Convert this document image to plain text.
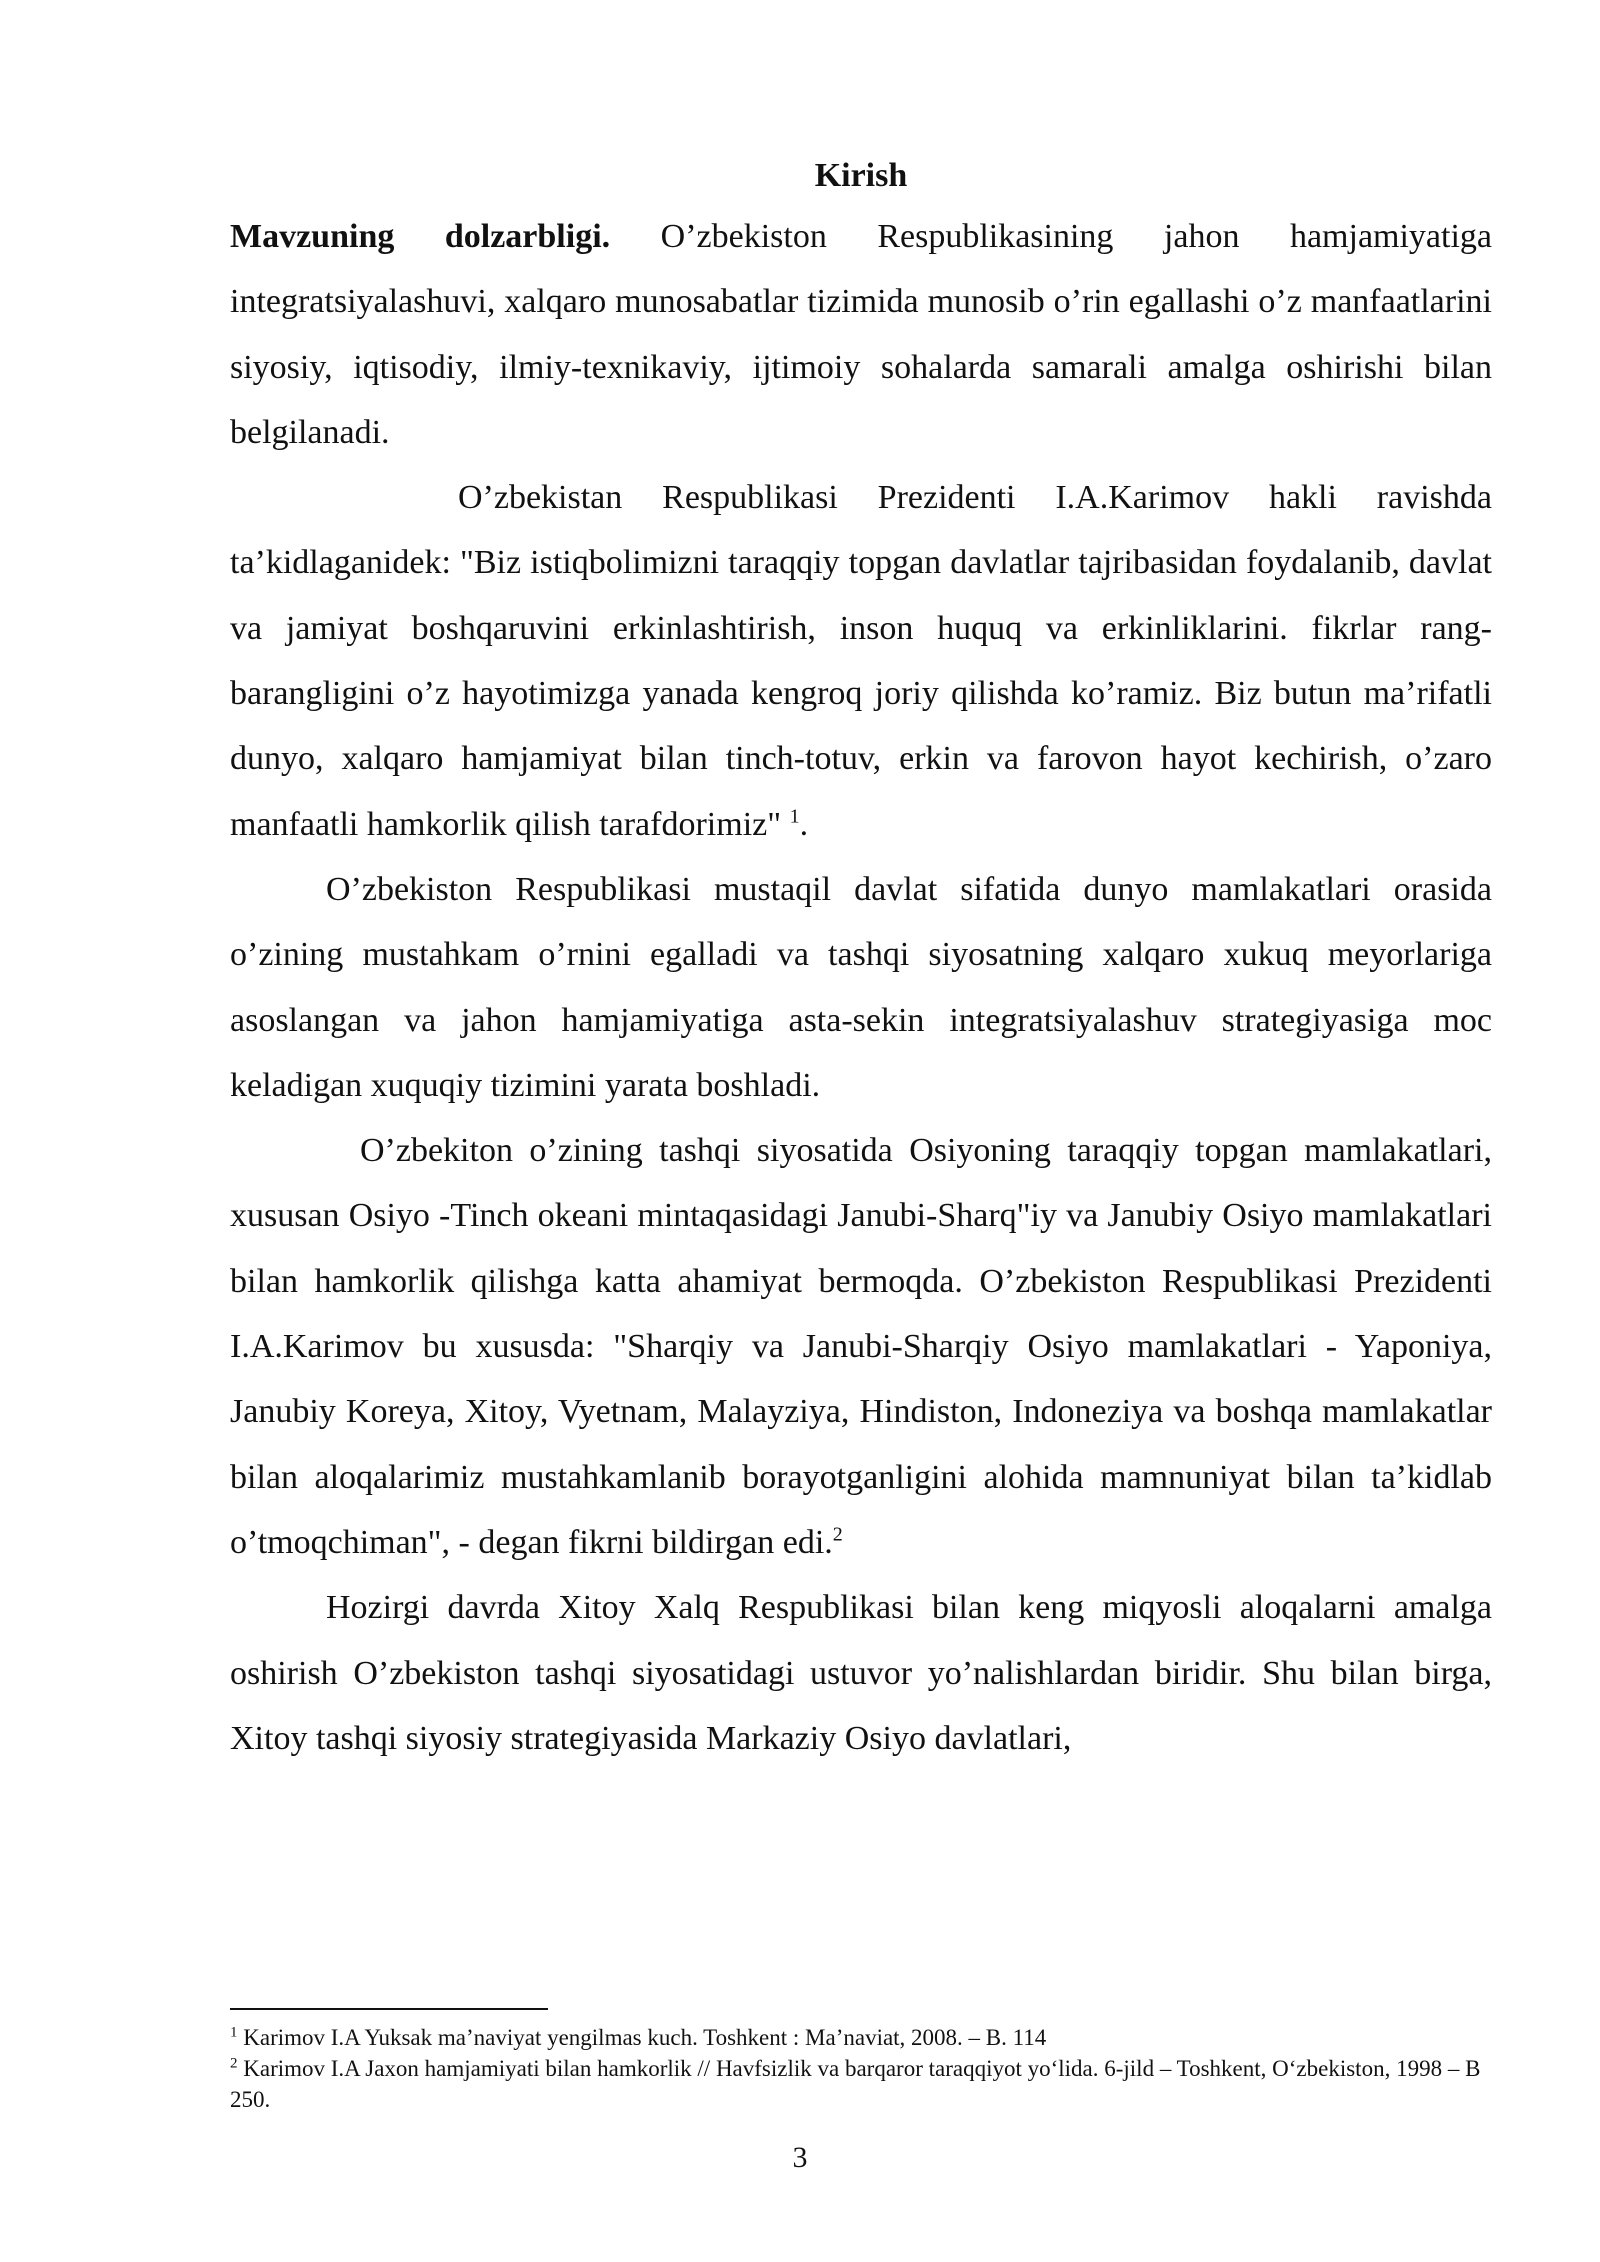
Kirish

Mavzuning dolzarbligi. O’zbekiston Respublikasining jahon hamjamiyatiga integratsiyalashuvi, xalqaro munosabatlar tizimida munosib o’rin egallashi o’z manfaatlarini siyosiy, iqtisodiy, ilmiy-texnikaviy, ijtimoiy sohalarda samarali amalga oshirishi bilan belgilanadi.

O’zbekistan Respublikasi Prezidenti I.A.Karimov hakli ravishda ta’kidlaganidek: "Biz istiqbolimizni taraqqiy topgan davlatlar tajribasidan foydalanib, davlat va jamiyat boshqaruvini erkinlashtirish, inson huquq va erkinliklarini. fikrlar rang-barangligini o’z hayotimizga yanada kengroq joriy qilishda ko’ramiz. Biz butun ma’rifatli dunyo, xalqaro hamjamiyat bilan tinch-totuv, erkin va farovon hayot kechirish, o’zaro manfaatli hamkorlik qilish tarafdorimiz" $^1$.

O’zbekiston Respublikasi mustaqil davlat sifatida dunyo mamlakatlari orasida o’zining mustahkam o’rnini egalladi va tashqi siyosatning xalqaro xukuq meyorlariga asoslangan va jahon hamjamiyatiga asta-sekin integratsiyalashuv strategiyasiga moc keladigan xuquqiy tizimini yarata boshladi.

O’zbekiton o’zining tashqi siyosatida Osiyoning taraqqiy topgan mamlakatlari, xususan Osiyo -Tinch okeani mintaqasidagi Janubi-Sharq"iy va Janubiy Osiyo mamlakatlari bilan hamkorlik qilishga katta ahamiyat bermoqda. O’zbekiston Respublikasi Prezidenti I.A.Karimov bu xususda: "Sharqiy va Janubi-Sharqiy Osiyo mamlakatlari - Yaponiya, Janubiy Koreya, Xitoy, Vyetnam, Malayziya, Hindiston, Indoneziya va boshqa mamlakatlar bilan aloqalarimiz mustahkamlanib borayotganligini alohida mamnuniyat bilan ta’kidlab o’tmoqchiman", - degan fikrni bildirgan edi.$^2$

Hozirgi davrda Xitoy Xalq Respublikasi bilan keng miqyosli aloqalarni amalga oshirish O’zbekiston tashqi siyosatidagi ustuvor yo’nalishlardan biridir. Shu bilan birga, Xitoy tashqi siyosiy strategiyasida Markaziy Osiyo davlatlari,

$^1$ Karimov I.A Yuksak ma’naviyat yengilmas kuch. Toshkent : Ma’naviat, 2008. – B. 114

$^2$ Karimov I.A Jaxon hamjamiyati bilan hamkorlik // Havfsizlik va barqaror taraqqiyot yo‘lida. 6-jild – Toshkent, O‘zbekiston, 1998 – B 250.

3
